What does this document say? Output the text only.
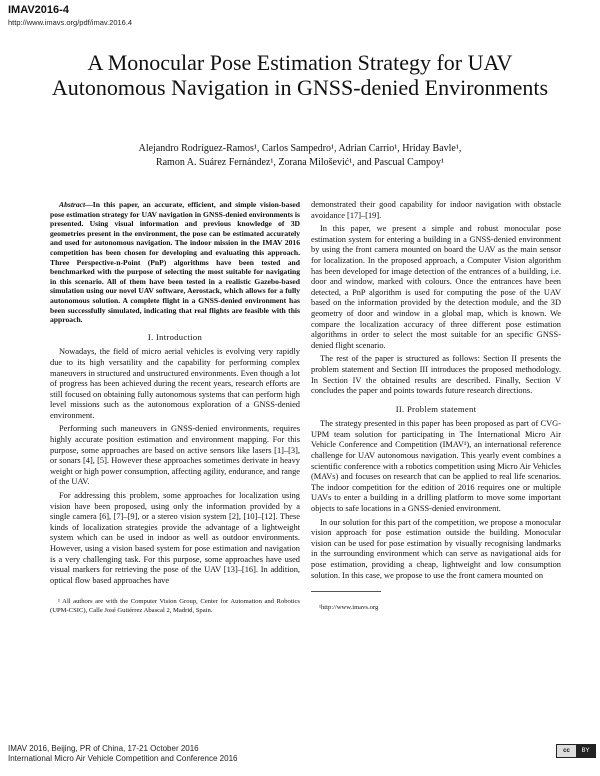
IMAV2016-4
http://www.imavs.org/pdf/imav.2016.4
A Monocular Pose Estimation Strategy for UAV Autonomous Navigation in GNSS-denied Environments
Alejandro Rodríguez-Ramos¹, Carlos Sampedro¹, Adrian Carrio¹, Hriday Bavle¹,
Ramon A. Suárez Fernández¹, Zorana Milošević¹, and Pascual Campoy¹

Abstract—In this paper, an accurate, efficient, and simple vision-based pose estimation strategy for UAV navigation in GNSS-denied environments is presented. Using visual information and previous knowledge of 3D geometries present in the environment, the pose can be estimated accurately and used for autonomous navigation. The indoor mission in the IMAV 2016 competition has been chosen for developing and evaluating this approach. Three Perspective-n-Point (PnP) algorithms have been tested and benchmarked with the purpose of selecting the most suitable for navigating in this scenario. All of them have been tested in a realistic Gazebo-based simulation using our novel UAV software, Aerostack, which allows for a fully autonomous solution. A complete flight in a GNSS-denied environment has been successfully simulated, indicating that real flights are feasible with this approach.

I. Introduction

Nowadays, the field of micro aerial vehicles is evolving very rapidly due to its high versatility and the capability for performing complex maneuvers in structured and unstructured environments. Even though a lot of progress has been achieved during the recent years, research efforts are still focused on obtaining fully autonomous systems that can perform high level missions such as the autonomous exploration of a GNSS-denied environment.

Performing such maneuvers in GNSS-denied environments, requires highly accurate position estimation and environment mapping. For this purpose, some approaches are based on active sensors like lasers [1]–[3], or sonars [4], [5]. However these approaches sometimes derivate in heavy weight or high power consumption, affecting agility, endurance, and range of the UAV.

For addressing this problem, some approaches for localization using vision have been proposed, using only the information provided by a single camera [6], [7]–[9], or a stereo vision system [2], [10]–[12]. These kinds of localization strategies provide the advantage of a lightweight system which can be used in indoor as well as outdoor environments. However, using a vision based system for pose estimation and navigation is a very challenging task. For this purpose, some approaches have used visual markers for retrieving the pose of the UAV [13]–[16]. In addition, optical flow based approaches have

¹ All authors are with the Computer Vision Group, Center for Automation and Robotics (UPM-CSIC), Calle José Gutiérrez Abascal 2, Madrid, Spain.

demonstrated their good capability for indoor navigation with obstacle avoidance [17]–[19].

In this paper, we present a simple and robust monocular pose estimation system for entering a building in a GNSS-denied environment by using the front camera mounted on board the UAV as the main sensor for localization. In the proposed approach, a Computer Vision algorithm has been developed for image detection of the entrances of a building, i.e. door and window, marked with colours. Once the entrances have been detected, a PnP algorithm is used for computing the pose of the UAV based on the information provided by the detection module, and the 3D geometry of door and window in a global map, which is known. We compare the localization accuracy of three different pose estimation algorithms in order to select the most suitable for an specific GNSS-denied flight scenario.

The rest of the paper is structured as follows: Section II presents the problem statement and Section III introduces the proposed methodology. In Section IV the obtained results are described. Finally, Section V concludes the paper and points towards future research directions.

II. Problem statement

The strategy presented in this paper has been proposed as part of CVG-UPM team solution for participating in The International Micro Air Vehicle Conference and Competition (IMAV¹), an international reference challenge for UAV autonomous navigation. This yearly event combines a scientific conference with a robotics competition using Micro Air Vehicles (MAVs) and focuses on research that can be applied to real life scenarios. The indoor competition for the edition of 2016 requires one or multiple UAVs to enter a building in a drilling platform to move some important objects to safe locations in a GNSS-denied environment.

In our solution for this part of the competition, we propose a monocular vision approach for pose estimation outside the building. Monocular vision can be used for pose estimation by visually recognising landmarks in the surrounding environment which can serve as navigational aids for pose estimation, providing a cheap, lightweight and low consumption solution. In this case, we propose to use the front camera mounted on

¹http://www.imavs.org
IMAV 2016, Beijing, PR of China, 17-21 October 2016
International Micro Air Vehicle Competition and Conference 2016
cc	BY
